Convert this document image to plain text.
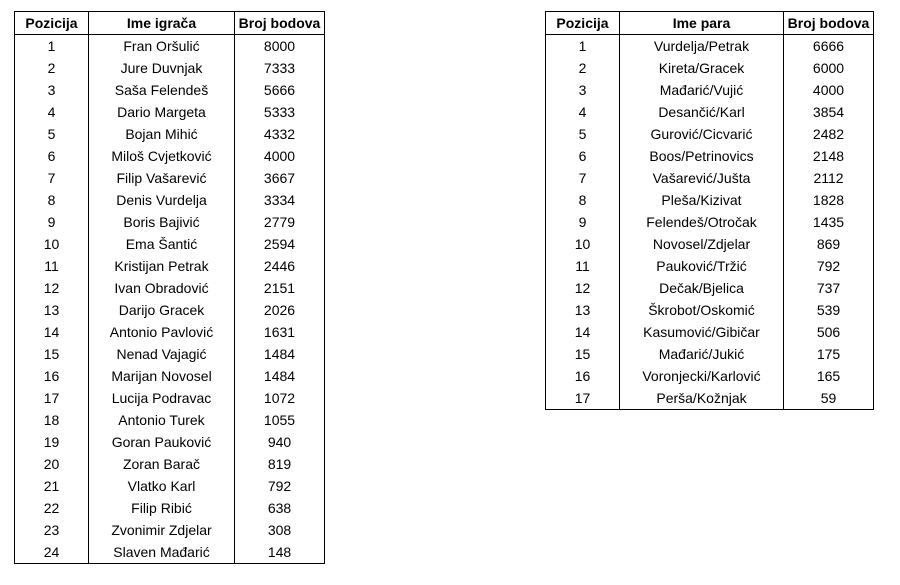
Pozicija	Ime igrača	Broj bodova
1	Fran Oršulić	8000
2	Jure Duvnjak	7333
3	Saša Felendeš	5666
4	Dario Margeta	5333
5	Bojan Mihić	4332
6	Miloš Cvjetković	4000
7	Filip Vašarević	3667
8	Denis Vurdelja	3334
9	Boris Bajivić	2779
10	Ema Šantić	2594
11	Kristijan Petrak	2446
12	Ivan Obradović	2151
13	Darijo Gracek	2026
14	Antonio Pavlović	1631
15	Nenad Vajagić	1484
16	Marijan Novosel	1484
17	Lucija Podravac	1072
18	Antonio Turek	1055
19	Goran Pauković	940
20	Zoran Barač	819
21	Vlatko Karl	792
22	Filip Ribić	638
23	Zvonimir Zdjelar	308
24	Slaven Mađarić	148
Pozicija	Ime para	Broj bodova
1	Vurdelja/Petrak	6666
2	Kireta/Gracek	6000
3	Mađarić/Vujić	4000
4	Desančić/Karl	3854
5	Gurović/Cicvarić	2482
6	Boos/Petrinovics	2148
7	Vašarević/Jušta	2112
8	Pleša/Kizivat	1828
9	Felendeš/Otročak	1435
10	Novosel/Zdjelar	869
11	Pauković/Tržić	792
12	Dečak/Bjelica	737
13	Škrobot/Oskomić	539
14	Kasumović/Gibičar	506
15	Mađarić/Jukić	175
16	Voronjecki/Karlović	165
17	Perša/Kožnjak	59
